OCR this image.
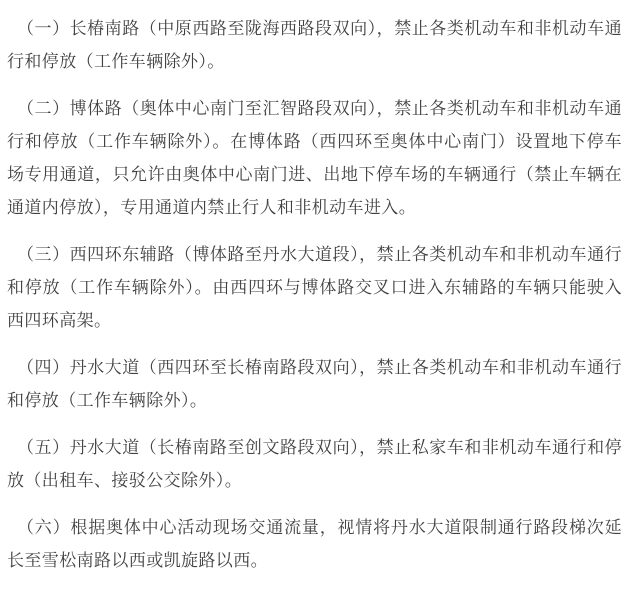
（一）长椿南路（中原西路至陇海西路段双向），禁止各类机动车和非机动车通行和停放（工作车辆除外）。

（二）博体路（奥体中心南门至汇智路段双向），禁止各类机动车和非机动车通行和停放（工作车辆除外）。在博体路（西四环至奥体中心南门）设置地下停车场专用通道，只允许由奥体中心南门进、出地下停车场的车辆通行（禁止车辆在通道内停放），专用通道内禁止行人和非机动车进入。

（三）西四环东辅路（博体路至丹水大道段），禁止各类机动车和非机动车通行和停放（工作车辆除外）。由西四环与博体路交叉口进入东辅路的车辆只能驶入西四环高架。

（四）丹水大道（西四环至长椿南路段双向），禁止各类机动车和非机动车通行和停放（工作车辆除外）。

（五）丹水大道（长椿南路至创文路段双向），禁止私家车和非机动车通行和停放（出租车、接驳公交除外）。

（六）根据奥体中心活动现场交通流量，视情将丹水大道限制通行路段梯次延长至雪松南路以西或凯旋路以西。
